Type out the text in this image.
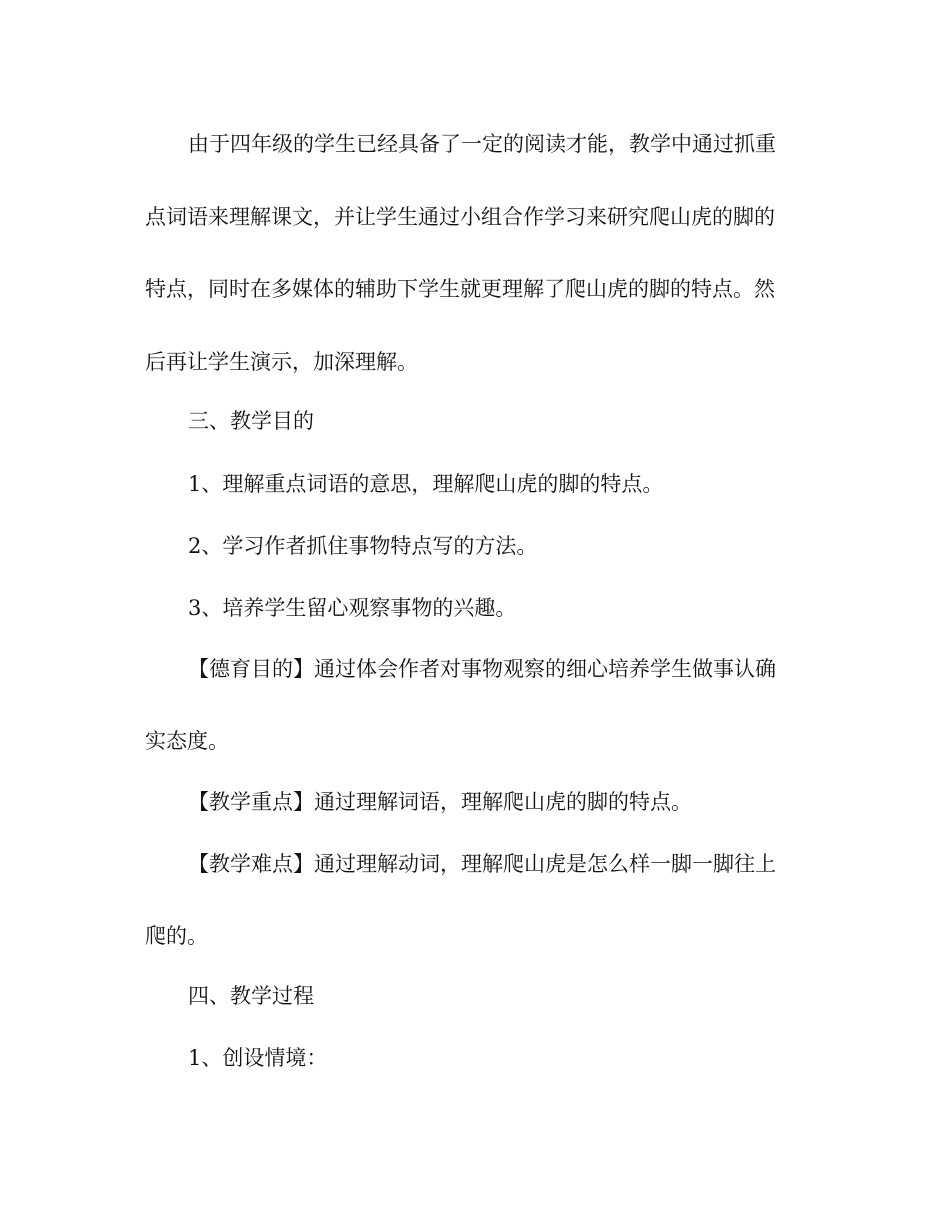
由于四年级的学生已经具备了一定的阅读才能，教学中通过抓重
点词语来理解课文，并让学生通过小组合作学习来研究爬山虎的脚的
特点，同时在多媒体的辅助下学生就更理解了爬山虎的脚的特点。然
后再让学生演示，加深理解。
三、教学目的
1、理解重点词语的意思，理解爬山虎的脚的特点。
2、学习作者抓住事物特点写的方法。
3、培养学生留心观察事物的兴趣。
【德育目的】通过体会作者对事物观察的细心培养学生做事认确
实态度。
【教学重点】通过理解词语，理解爬山虎的脚的特点。
【教学难点】通过理解动词，理解爬山虎是怎么样一脚一脚往上
爬的。
四、教学过程
1、创设情境：
